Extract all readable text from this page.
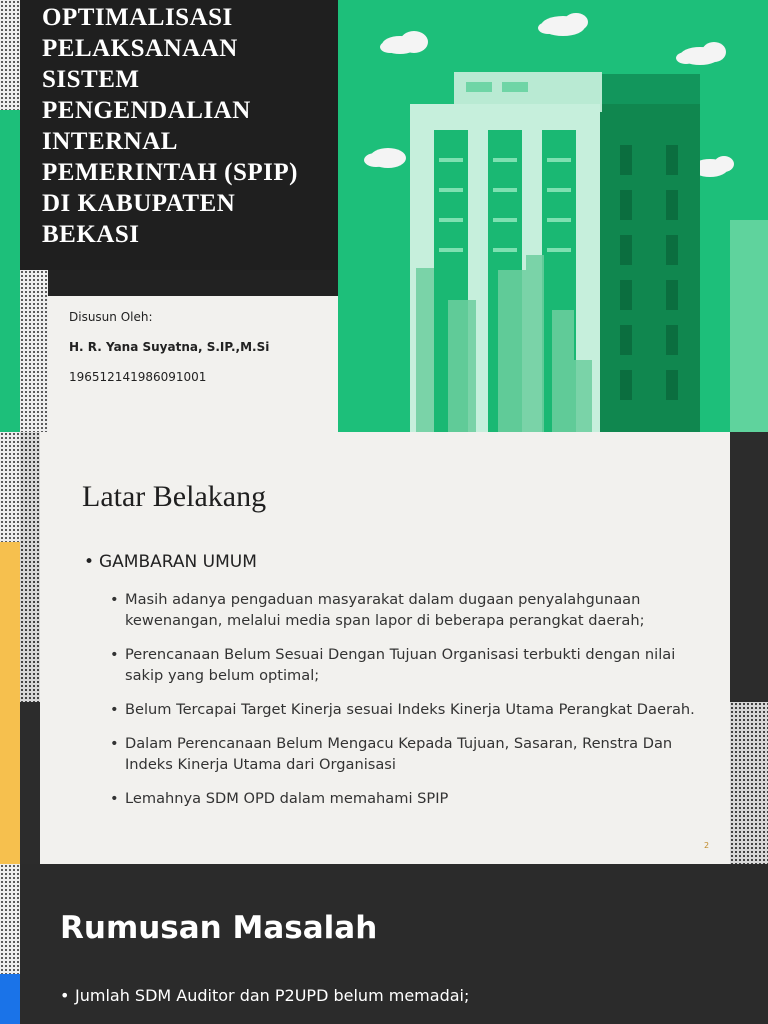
OPTIMALISASI
PELAKSANAAN
SISTEM
PENGENDALIAN
INTERNAL
PEMERINTAH (SPIP)
DI KABUPATEN
BEKASI
Disusun Oleh:
H. R. Yana Suyatna, S.IP.,M.Si
196512141986091001
Latar Belakang
• GAMBARAN UMUM
• Masih adanya pengaduan masyarakat dalam dugaan penyalahgunaan kewenangan, melalui media span lapor di beberapa perangkat daerah;
• Perencanaan Belum Sesuai Dengan Tujuan Organisasi terbukti dengan nilai sakip yang belum optimal;
• Belum Tercapai Target Kinerja sesuai Indeks Kinerja Utama Perangkat Daerah.
• Dalam Perencanaan Belum Mengacu Kepada Tujuan, Sasaran, Renstra Dan Indeks Kinerja Utama dari Organisasi
• Lemahnya SDM OPD dalam memahami SPIP
2
Rumusan Masalah
• Jumlah SDM Auditor dan P2UPD belum memadai;
